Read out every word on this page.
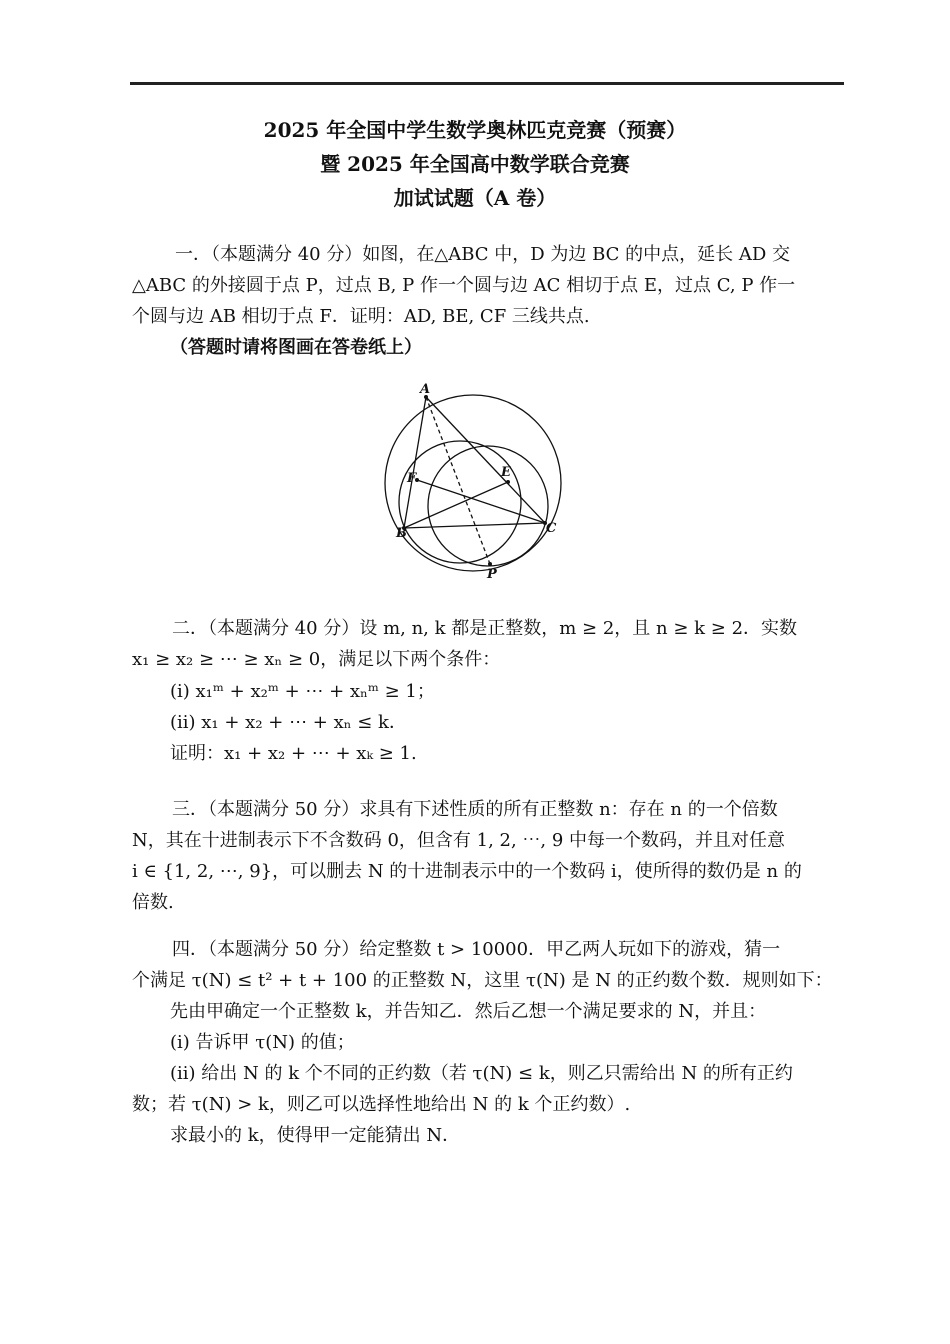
2025 年全国中学生数学奥林匹克竞赛（预赛）
暨 2025 年全国高中数学联合竞赛
加试试题（A 卷）
一．（本题满分 40 分）如图，在△ABC 中，D 为边 BC 的中点，延长 AD 交
△ABC 的外接圆于点 P，过点 B, P 作一个圆与边 AC 相切于点 E，过点 C, P 作一
个圆与边 AB 相切于点 F．证明：AD, BE, CF 三线共点.
（答题时请将图画在答卷纸上）
A
B	C
E
F
P
二．（本题满分 40 分）设 m, n, k 都是正整数，m ≥ 2，且 n ≥ k ≥ 2．实数
x₁ ≥ x₂ ≥ ⋯ ≥ xₙ ≥ 0，满足以下两个条件：
(i) x₁ᵐ + x₂ᵐ + ⋯ + xₙᵐ ≥ 1；
(ii) x₁ + x₂ + ⋯ + xₙ ≤ k．
证明：x₁ + x₂ + ⋯ + xₖ ≥ 1.
三．（本题满分 50 分）求具有下述性质的所有正整数 n：存在 n 的一个倍数
N，其在十进制表示下不含数码 0，但含有 1, 2, ⋯, 9 中每一个数码，并且对任意
i ∈ {1, 2, ⋯, 9}，可以删去 N 的十进制表示中的一个数码 i，使所得的数仍是 n 的
倍数.
四．（本题满分 50 分）给定整数 t > 10000．甲乙两人玩如下的游戏，猜一
个满足 τ(N) ≤ t² + t + 100 的正整数 N，这里 τ(N) 是 N 的正约数个数．规则如下：
先由甲确定一个正整数 k，并告知乙．然后乙想一个满足要求的 N，并且：
(i) 告诉甲 τ(N) 的值；
(ii) 给出 N 的 k 个不同的正约数（若 τ(N) ≤ k，则乙只需给出 N 的所有正约
数；若 τ(N) > k，则乙可以选择性地给出 N 的 k 个正约数）.
求最小的 k，使得甲一定能猜出 N．
